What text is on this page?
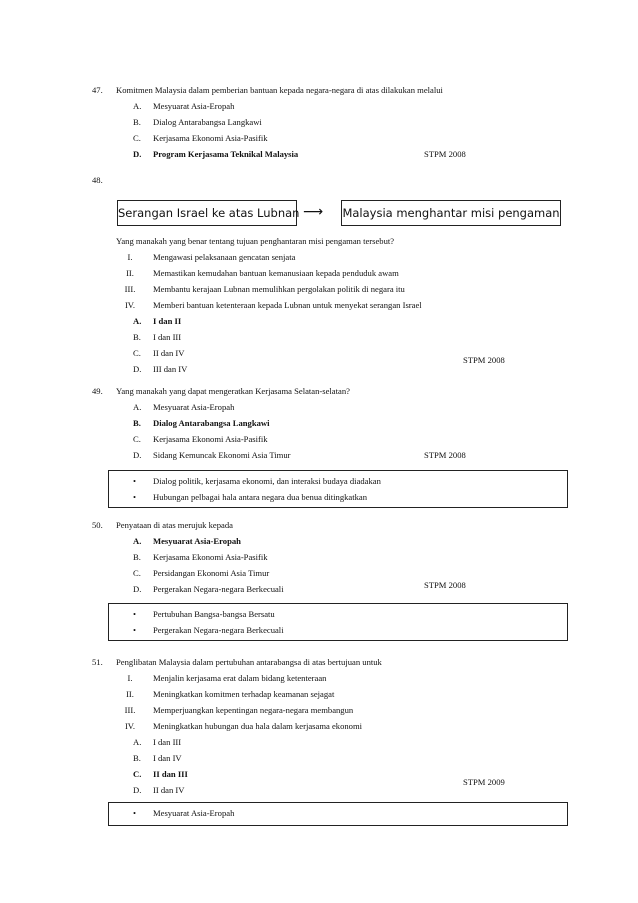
47. Komitmen Malaysia dalam pemberian bantuan kepada negara-negara di atas dilakukan melalui
A. Mesyuarat Asia-Eropah
B. Dialog Antarabangsa Langkawi
C. Kerjasama Ekonomi Asia-Pasifik
D. Program Kerjasama Teknikal Malaysia	STPM 2008
48.
Serangan Israel ke atas Lubnan ⟶ Malaysia menghantar misi pengaman
Yang manakah yang benar tentang tujuan penghantaran misi pengaman tersebut?
I.	Mengawasi pelaksanaan gencatan senjata
II.	Memastikan kemudahan bantuan kemanusiaan kepada penduduk awam
III.	Membantu kerajaan Lubnan memulihkan pergolakan politik di negara itu
IV.	Memberi bantuan ketenteraan kepada Lubnan untuk menyekat serangan Israel
A. I dan II
B. I dan III
C. II dan IV
D. III dan IV
STPM 2008
49. Yang manakah yang dapat mengeratkan Kerjasama Selatan-selatan?
A. Mesyuarat Asia-Eropah
B. Dialog Antarabangsa Langkawi
C. Kerjasama Ekonomi Asia-Pasifik
D. Sidang Kemuncak Ekonomi Asia Timur	STPM 2008
• Dialog politik, kerjasama ekonomi, dan interaksi budaya diadakan
• Hubungan pelbagai hala antara negara dua benua ditingkatkan
50. Penyataan di atas merujuk kepada
A. Mesyuarat Asia-Eropah
B. Kerjasama Ekonomi Asia-Pasifik
C. Persidangan Ekonomi Asia Timur
D. Pergerakan Negara-negara Berkecuali	STPM 2008
• Pertubuhan Bangsa-bangsa Bersatu
• Pergerakan Negara-negara Berkecuali
51. Penglibatan Malaysia dalam pertubuhan antarabangsa di atas bertujuan untuk
I.	Menjalin kerjasama erat dalam bidang ketenteraan
II.	Meningkatkan komitmen terhadap keamanan sejagat
III.	Memperjuangkan kepentingan negara-negara membangun
IV.	Meningkatkan hubungan dua hala dalam kerjasama ekonomi
A. I dan III
B. I dan IV
C. II dan III
D. II dan IV
STPM 2009
• Mesyuarat Asia-Eropah
